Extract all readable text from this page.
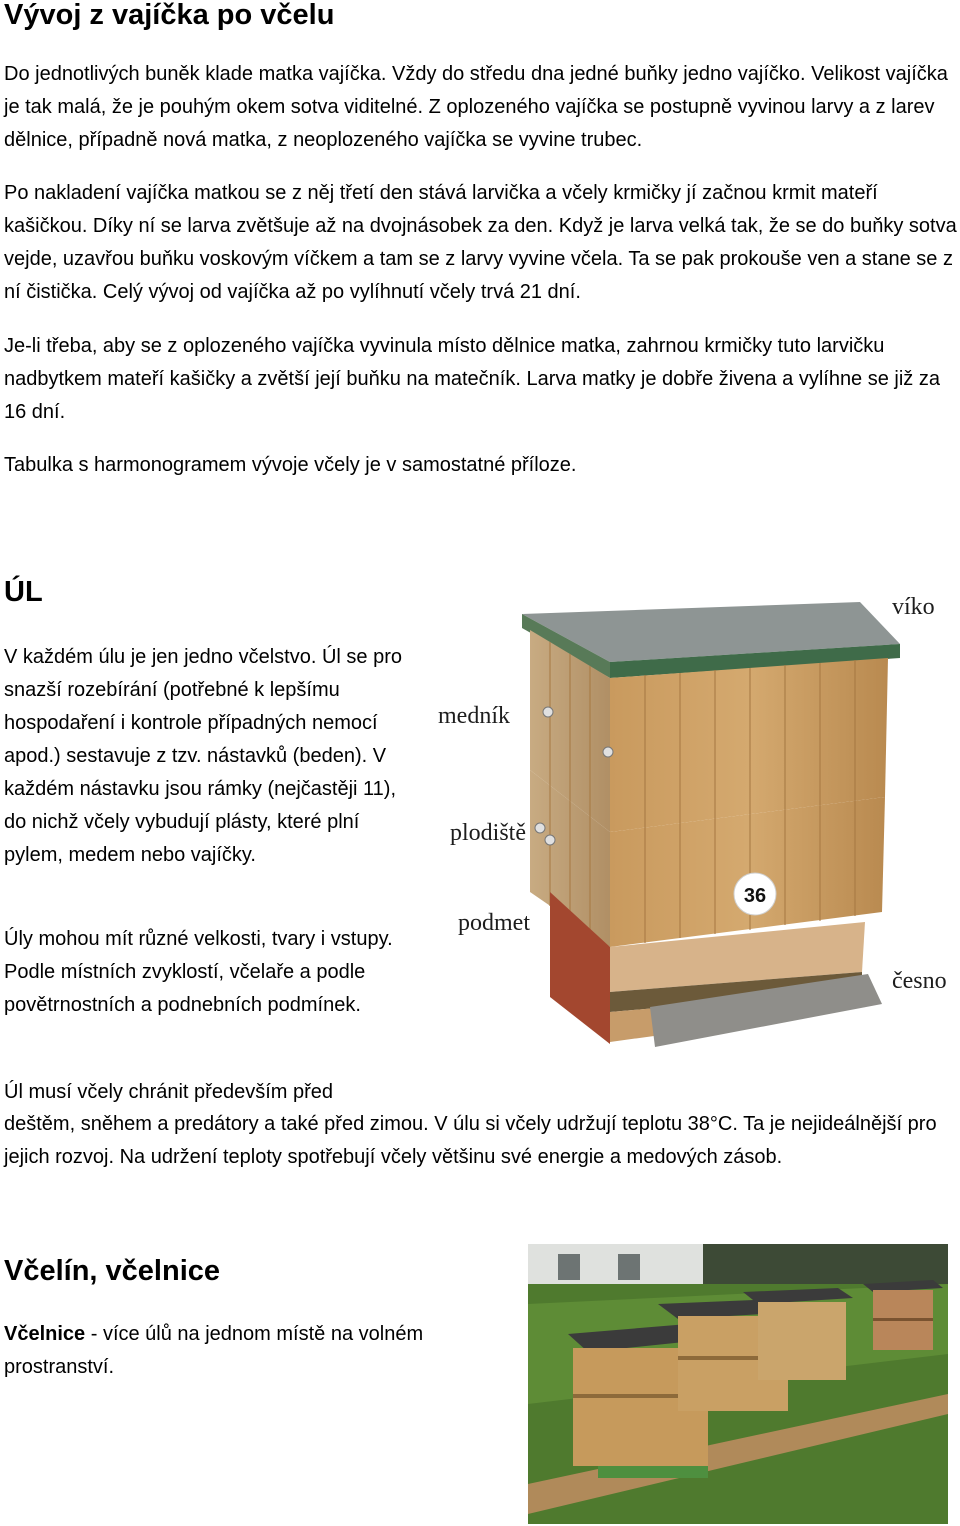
Vývoj z vajíčka po včelu

Do jednotlivých buněk klade matka vajíčka. Vždy do středu dna jedné buňky jedno vajíčko. Velikost vajíčka je tak malá, že je pouhým okem sotva viditelné. Z oplozeného vajíčka se postupně vyvinou larvy a z larev dělnice, případně nová matka, z neoplozeného vajíčka se vyvine trubec.

Po nakladení vajíčka matkou se z něj třetí den stává larvička a včely krmičky jí začnou krmit mateří kašičkou. Díky ní se larva zvětšuje až na dvojnásobek za den. Když je larva velká tak, že se do buňky sotva vejde, uzavřou buňku voskovým víčkem a tam se z larvy vyvine včela. Ta se pak prokouše ven a stane se z ní čistička. Celý vývoj od vajíčka až po vylíhnutí včely trvá 21 dní.

Je-li třeba, aby se z oplozeného vajíčka vyvinula místo dělnice matka, zahrnou krmičky tuto larvičku nadbytkem mateří kašičky a zvětší její buňku na matečník. Larva matky je dobře živena a vylíhne se již za 16 dní.

Tabulka s harmonogramem vývoje včely je v samostatné příloze.

ÚL

V každém úlu je jen jedno včelstvo. Úl se pro snazší rozebírání (potřebné k lepšímu hospodaření i kontrole případných nemocí apod.) sestavuje z tzv. nástavků (beden). V každém nástavku jsou rámky (nejčastěji 11), do nichž včely vybudují plásty, které plní pylem, medem nebo vajíčky.

Úly mohou mít různé velkosti, tvary i vstupy. Podle místních zvyklostí, včelaře a podle povětrnostních a podnebních podmínek.

Úl musí včely chránit především před

deštěm, sněhem a predátory a také před zimou. V úlu si včely udržují teplotu 38°C. Ta je nejideálnější pro jejich rozvoj. Na udržení teploty spotřebují včely většinu své energie a medových zásob.

36
víko
medník
plodiště
podmet
česno
Včelín, včelnice

Včelnice - více úlů na jednom místě na volném prostranství.
